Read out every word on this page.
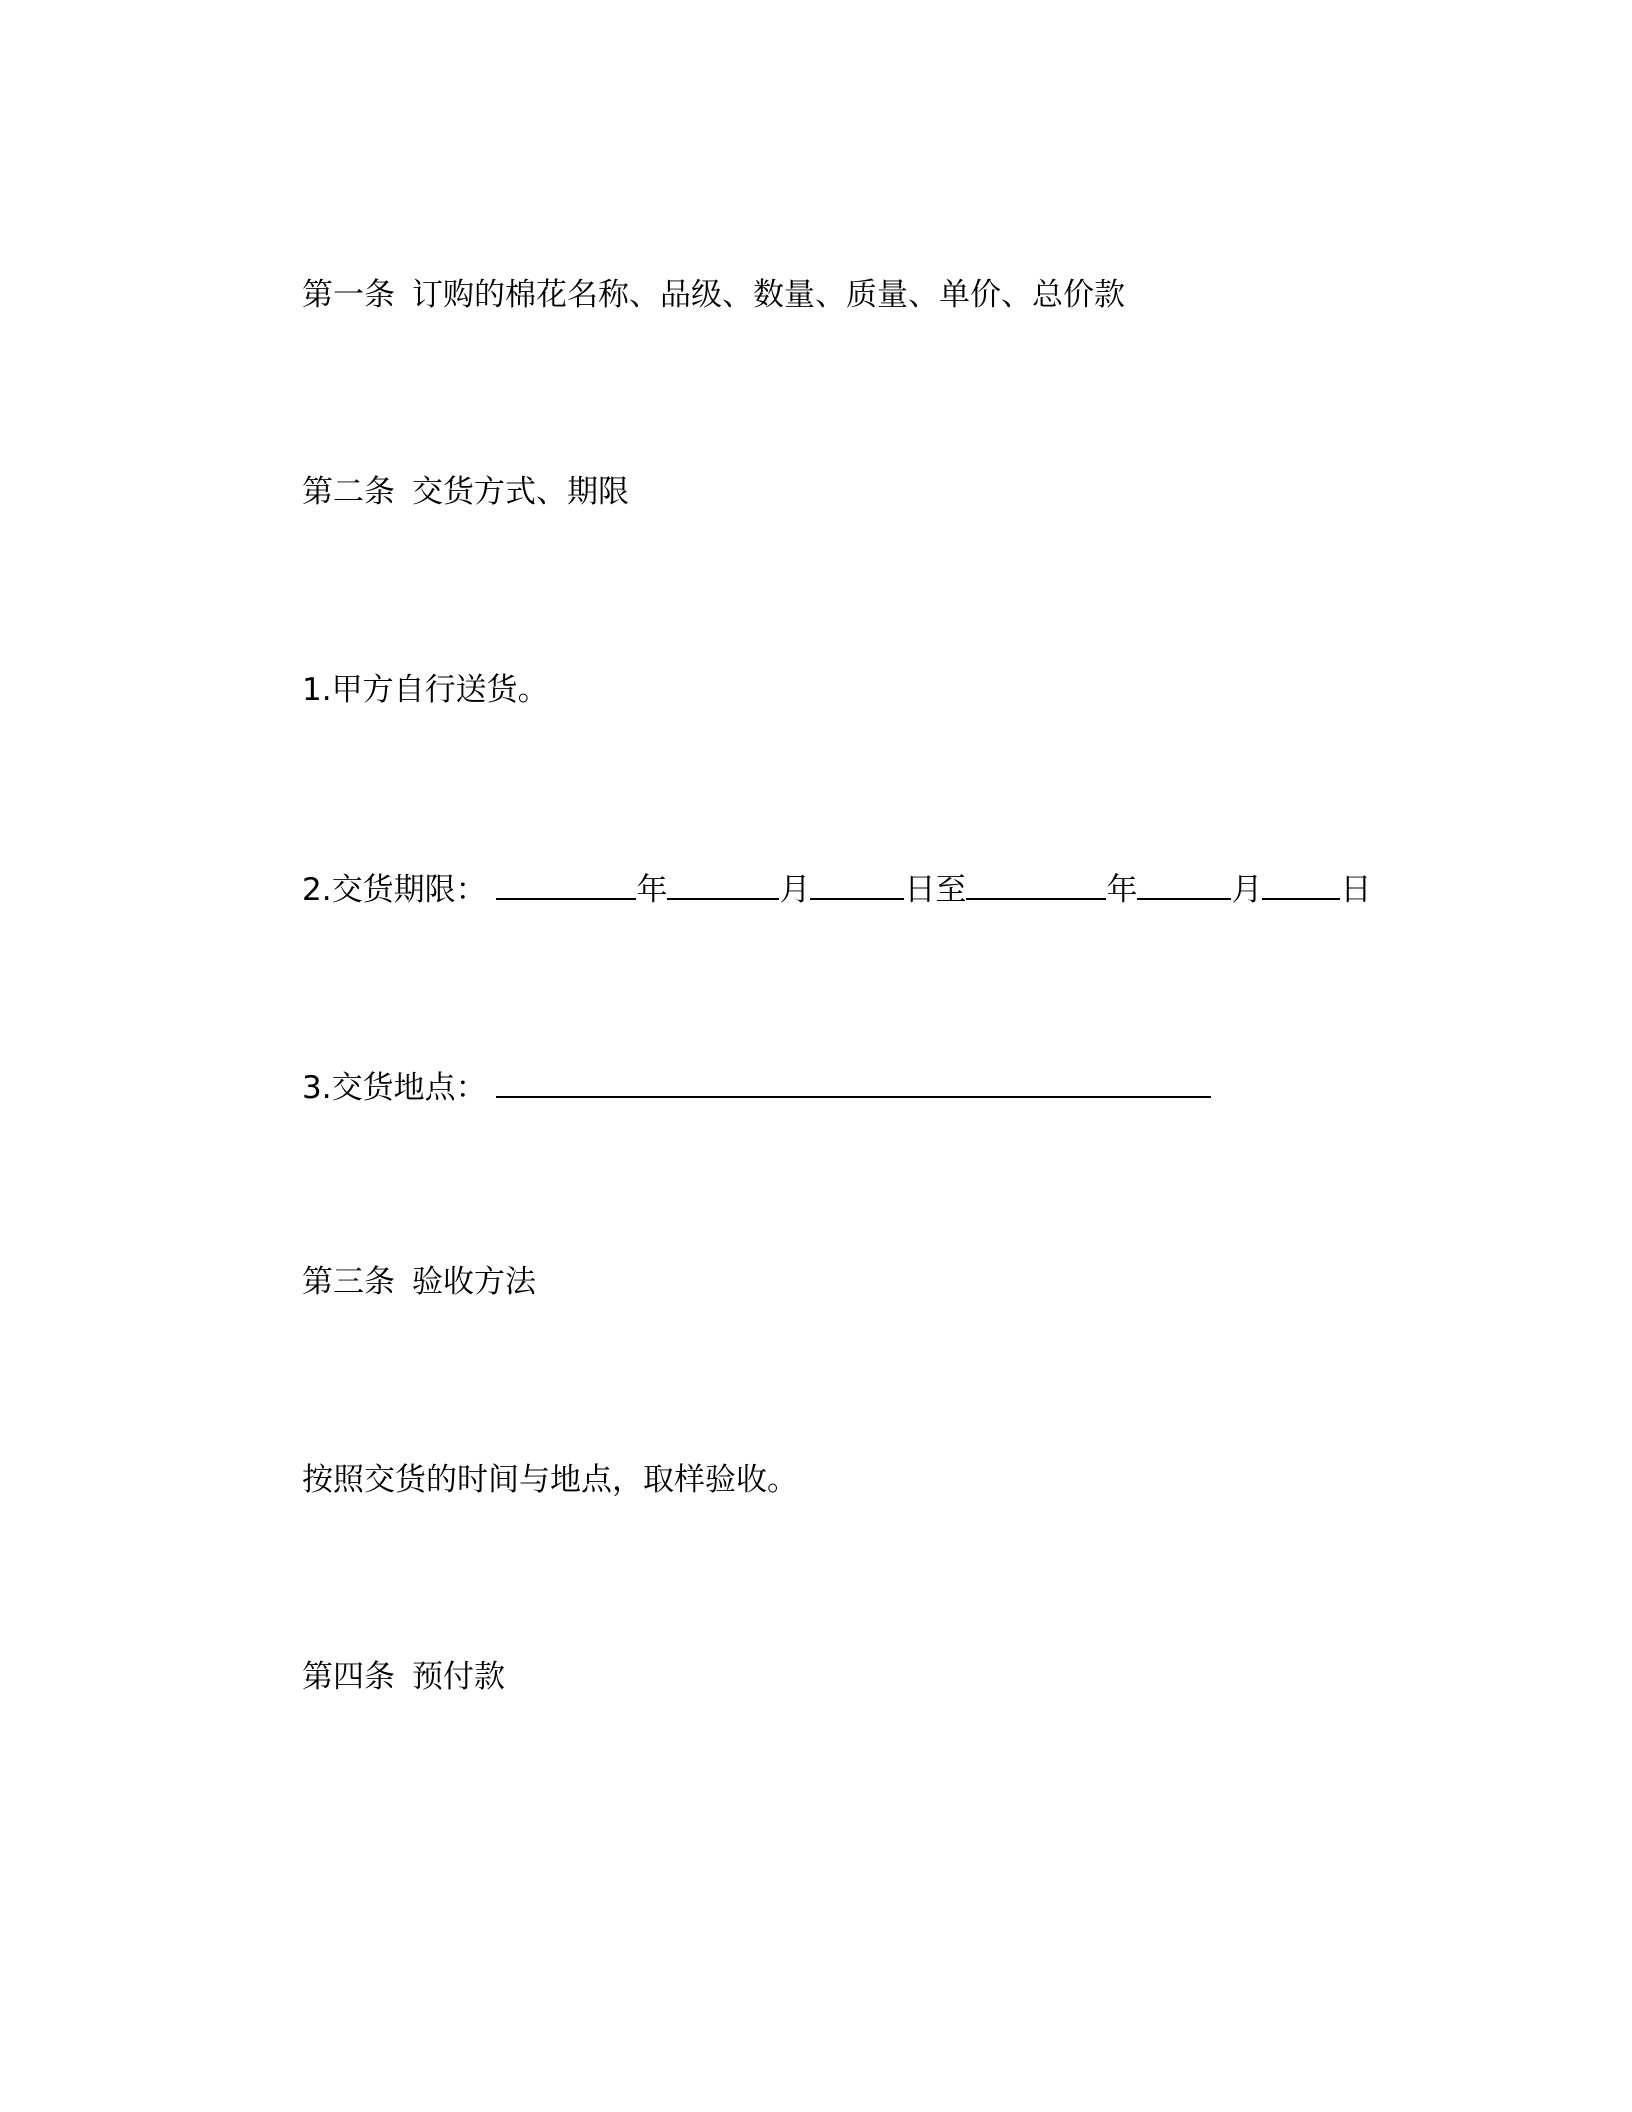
第一条 订购的棉花名称、品级、数量、质量、单价、总价款
第二条 交货方式、期限
1.甲方自行送货。
2.交货期限：	年	月	日至	年	月	日
3.交货地点：
第三条 验收方法
按照交货的时间与地点，取样验收。
第四条 预付款
